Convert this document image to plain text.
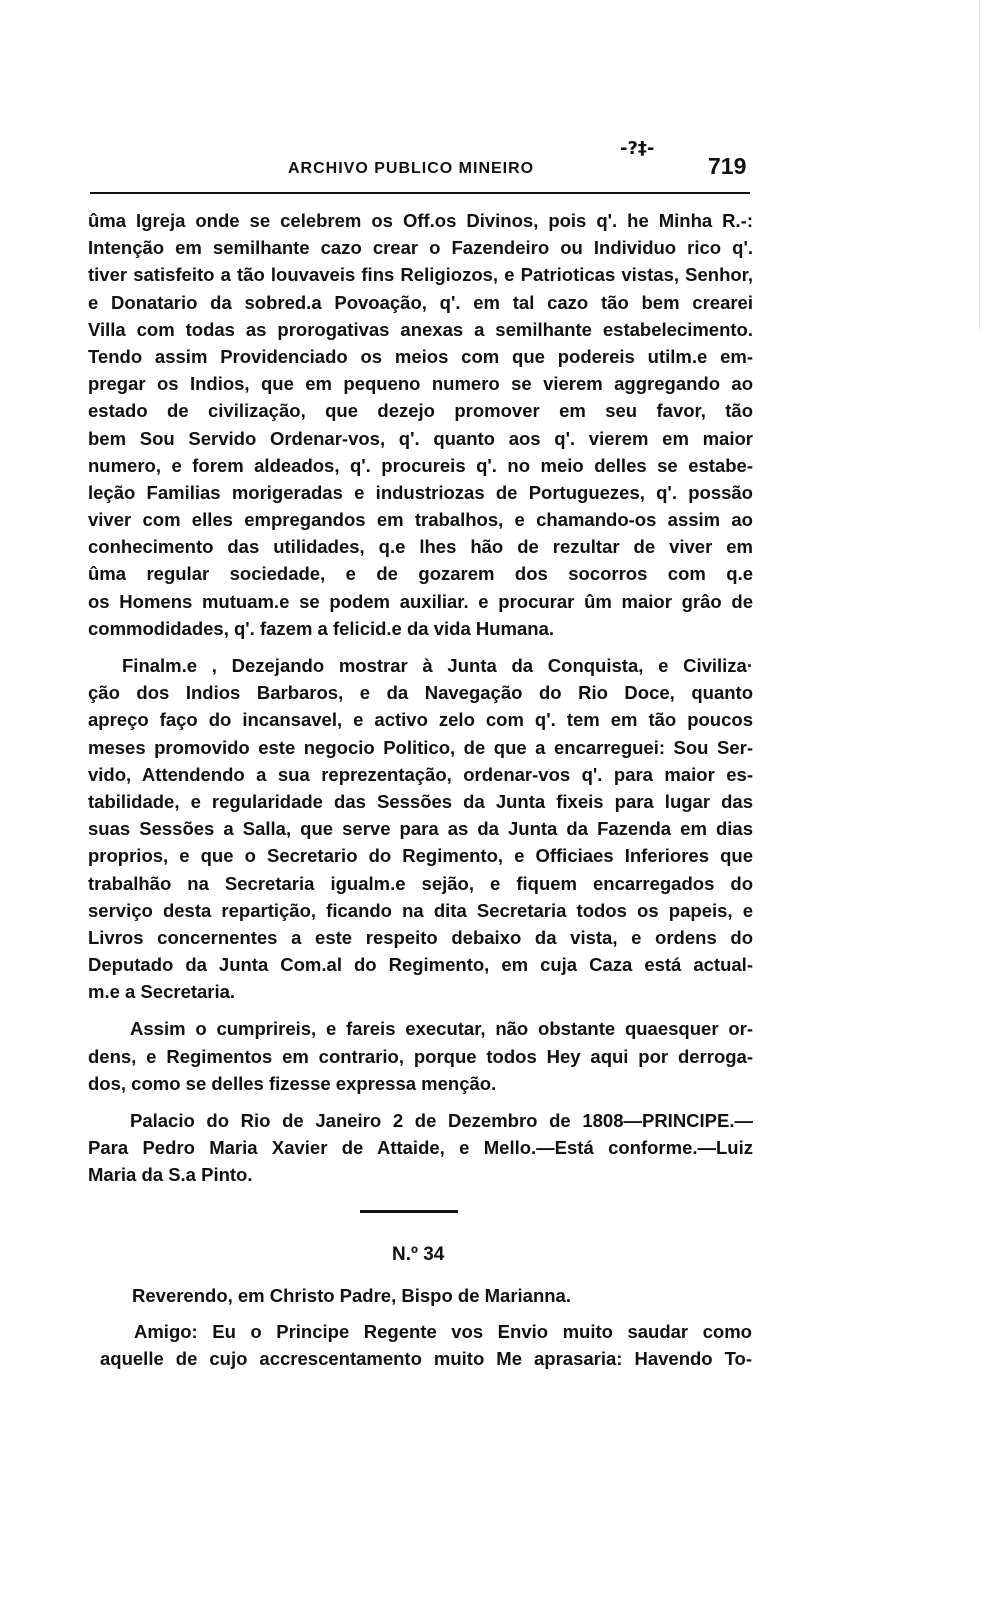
ARCHIVO PUBLICO MINEIRO
-?‡-
719
ûma Igreja onde se celebrem os Off.os Divinos, pois q'. he Minha R.-:
Intenção em semilhante cazo crear o Fazendeiro ou Individuo rico q'.
tiver satisfeito a tão louvaveis fins Religiozos, e Patrioticas vistas, Senhor,
e Donatario da sobred.a Povoação, q'. em tal cazo tão bem crearei
Villa com todas as prorogativas anexas a semilhante estabelecimento.
Tendo assim Providenciado os meios com que podereis utilm.e em-
pregar os Indios, que em pequeno numero se vierem aggregando ao
estado de civilização, que dezejo promover em seu favor, tão
bem Sou Servido Ordenar-vos, q'. quanto aos q'. vierem em maior
numero, e forem aldeados, q'. procureis q'. no meio delles se estabe-
leção Familias morigeradas e industriozas de Portuguezes, q'. possão
viver com elles empregandos em trabalhos, e chamando-os assim ao
conhecimento das utilidades, q.e lhes hão de rezultar de viver em
ûma regular sociedade, e de gozarem dos socorros com q.e
os Homens mutuam.e se podem auxiliar. e procurar ûm maior grâo de
commodidades, q'. fazem a felicid.e da vida Humana.
Finalm.e , Dezejando mostrar à Junta da Conquista, e Civiliza·
ção dos Indios Barbaros, e da Navegação do Rio Doce, quanto
apreço faço do incansavel, e activo zelo com q'. tem em tão poucos
meses promovido este negocio Politico, de que a encarreguei: Sou Ser-
vido, Attendendo a sua reprezentação, ordenar-vos q'. para maior es-
tabilidade, e regularidade das Sessões da Junta fixeis para lugar das
suas Sessões a Salla, que serve para as da Junta da Fazenda em dias
proprios, e que o Secretario do Regimento, e Officiaes Inferiores que
trabalhão na Secretaria igualm.e sejão, e fiquem encarregados do
serviço desta repartição, ficando na dita Secretaria todos os papeis, e
Livros concernentes a este respeito debaixo da vista, e ordens do
Deputado da Junta Com.al do Regimento, em cuja Caza está actual-
m.e a Secretaria.
Assim o cumprireis, e fareis executar, não obstante quaesquer or-
dens, e Regimentos em contrario, porque todos Hey aqui por derroga-
dos, como se delles fizesse expressa menção.
Palacio do Rio de Janeiro 2 de Dezembro de 1808—PRINCIPE.—
Para Pedro Maria Xavier de Attaide, e Mello.—Está conforme.—Luiz
Maria da S.a Pinto.
N.º 34
Reverendo, em Christo Padre, Bispo de Marianna.
Amigo: Eu o Principe Regente vos Envio muito saudar como
aquelle de cujo accrescentamento muito Me aprasaria: Havendo To-
